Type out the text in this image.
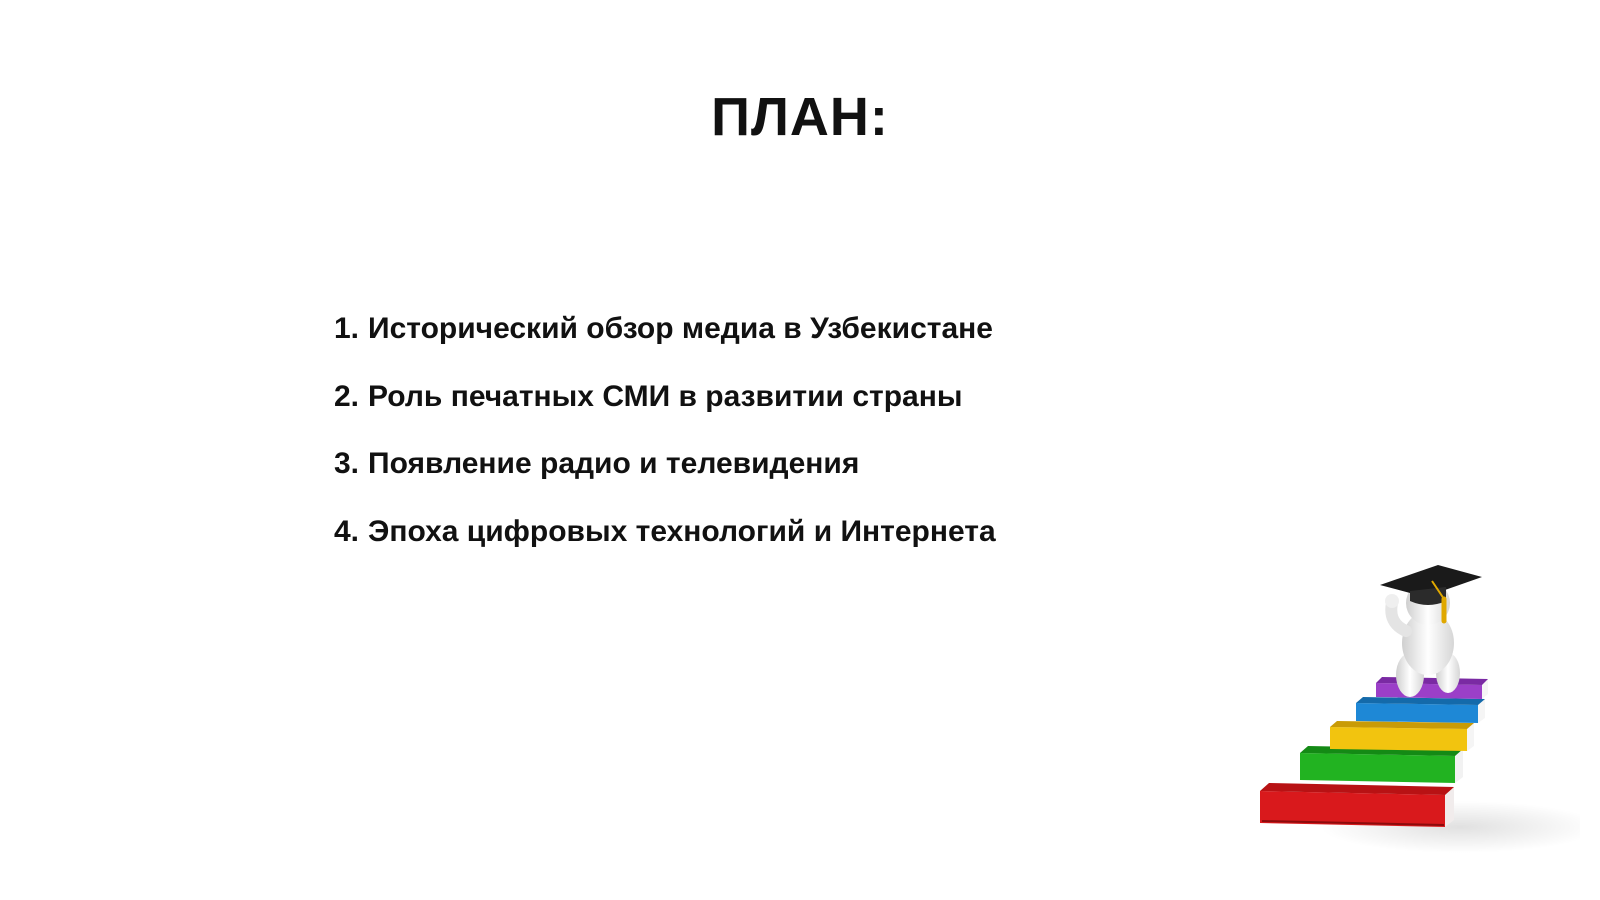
ПЛАН:
1. Исторический обзор медиа в Узбекистане
2. Роль печатных СМИ в развитии страны
3. Появление радио и телевидения
4. Эпоха цифровых технологий и Интернета
